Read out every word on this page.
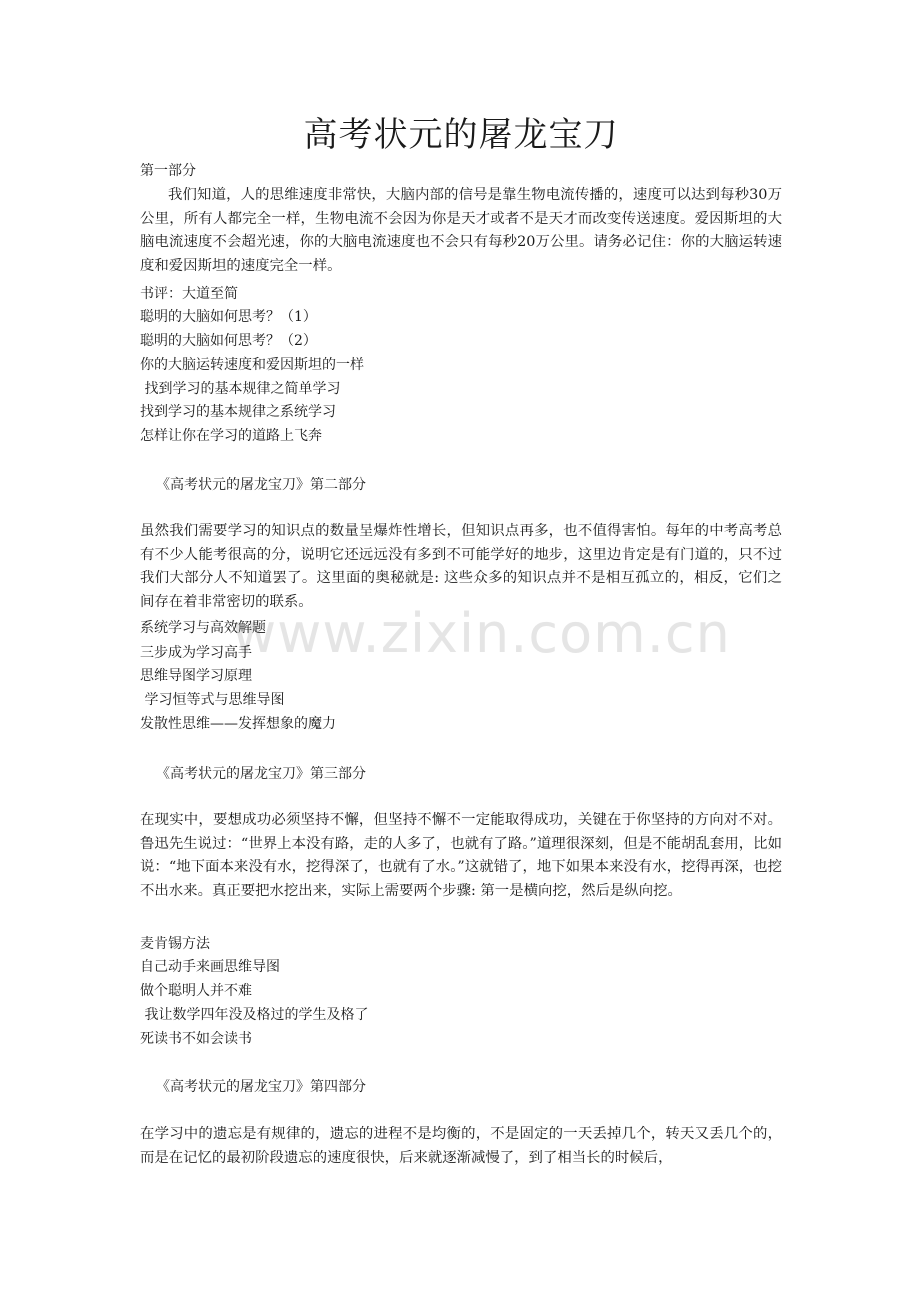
www.zixin.com.cn
高考状元的屠龙宝刀
第一部分

我们知道，人的思维速度非常快，大脑内部的信号是靠生物电流传播的，速度可以达到每秒30万公里，所有人都完全一样，生物电流不会因为你是天才或者不是天才而改变传送速度。爱因斯坦的大脑电流速度不会超光速，你的大脑电流速度也不会只有每秒20万公里。请务必记住：你的大脑运转速度和爱因斯坦的速度完全一样。

书评：大道至简
聪明的大脑如何思考？（1）
聪明的大脑如何思考？（2）
你的大脑运转速度和爱因斯坦的一样
找到学习的基本规律之简单学习
找到学习的基本规律之系统学习
怎样让你在学习的道路上飞奔
《高考状元的屠龙宝刀》第二部分

虽然我们需要学习的知识点的数量呈爆炸性增长，但知识点再多，也不值得害怕。每年的中考高考总有不少人能考很高的分，说明它还远远没有多到不可能学好的地步，这里边肯定是有门道的，只不过我们大部分人不知道罢了。这里面的奥秘就是: 这些众多的知识点并不是相互孤立的，相反，它们之间存在着非常密切的联系。

系统学习与高效解题
三步成为学习高手
思维导图学习原理
学习恒等式与思维导图
发散性思维——发挥想象的魔力
《高考状元的屠龙宝刀》第三部分

在现实中，要想成功必须坚持不懈，但坚持不懈不一定能取得成功，关键在于你坚持的方向对不对。鲁迅先生说过：“世界上本没有路，走的人多了，也就有了路。”道理很深刻，但是不能胡乱套用，比如说：“地下面本来没有水，挖得深了，也就有了水。”这就错了，地下如果本来没有水，挖得再深，也挖不出水来。真正要把水挖出来，实际上需要两个步骤: 第一是横向挖，然后是纵向挖。

麦肯锡方法
自己动手来画思维导图
做个聪明人并不难
我让数学四年没及格过的学生及格了
死读书不如会读书
《高考状元的屠龙宝刀》第四部分

在学习中的遗忘是有规律的，遗忘的进程不是均衡的，不是固定的一天丢掉几个，转天又丢几个的，而是在记忆的最初阶段遗忘的速度很快，后来就逐渐减慢了，到了相当长的时候后，
